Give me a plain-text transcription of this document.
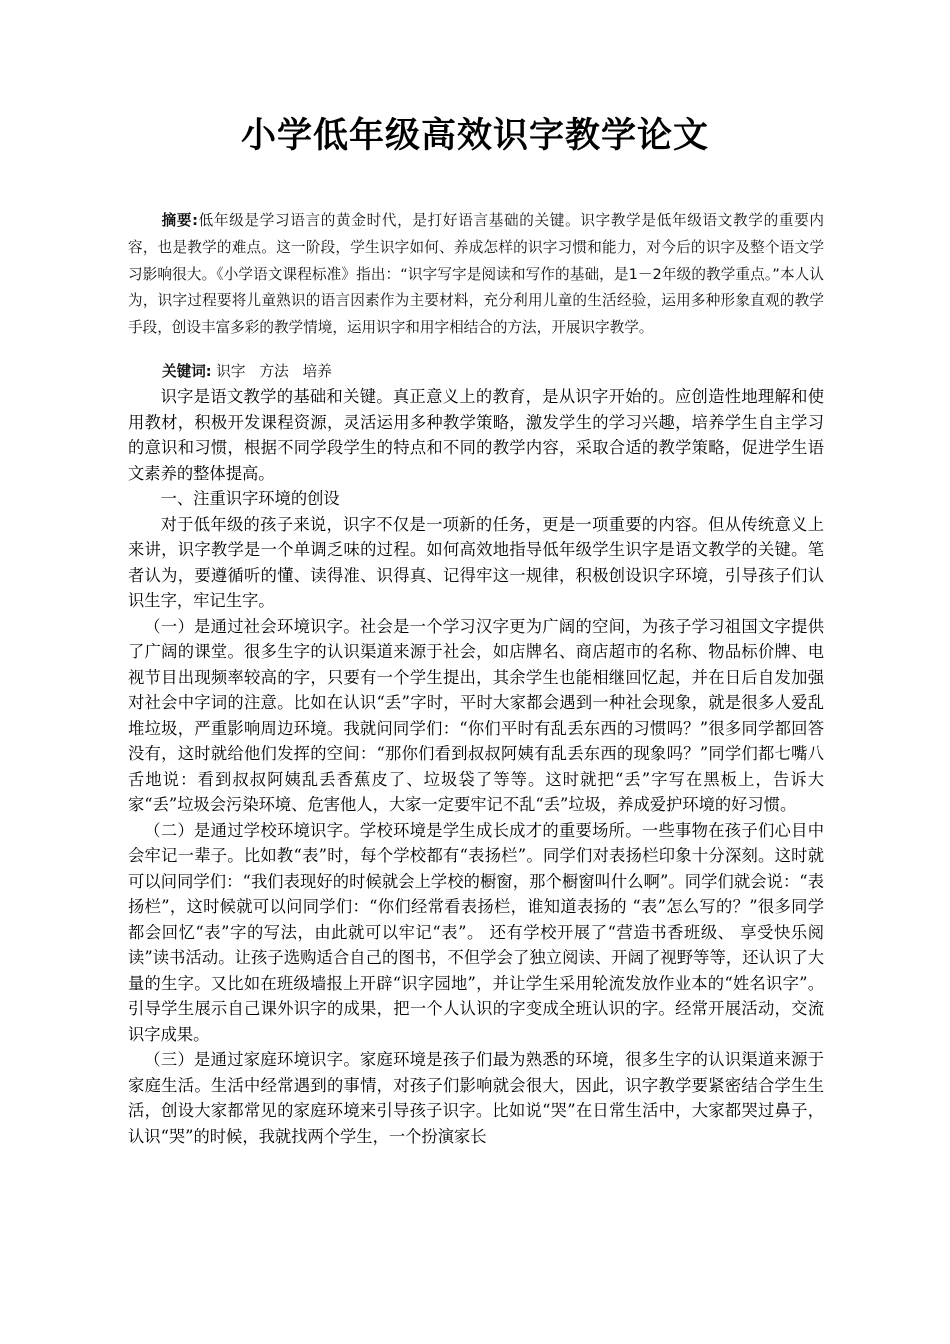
小学低年级高效识字教学论文

摘要:低年级是学习语言的黄金时代，是打好语言基础的关键。识字教学是低年级语文教学的重要内容，也是教学的难点。这一阶段，学生识字如何、养成怎样的识字习惯和能力，对今后的识字及整个语文学习影响很大。《小学语文课程标准》指出：“识字写字是阅读和写作的基础，是1－2年级的教学重点。”本人认为，识字过程要将儿童熟识的语言因素作为主要材料，充分利用儿童的生活经验，运用多种形象直观的教学手段，创设丰富多彩的教学情境，运用识字和用字相结合的方法，开展识字教学。

关键词: 识字 方法 培养

识字是语文教学的基础和关键。真正意义上的教育，是从识字开始的。应创造性地理解和使用教材，积极开发课程资源，灵活运用多种教学策略，激发学生的学习兴趣，培养学生自主学习的意识和习惯，根据不同学段学生的特点和不同的教学内容，采取合适的教学策略，促进学生语文素养的整体提高。

一、注重识字环境的创设

对于低年级的孩子来说，识字不仅是一项新的任务，更是一项重要的内容。但从传统意义上来讲，识字教学是一个单调乏味的过程。如何高效地指导低年级学生识字是语文教学的关键。笔者认为，要遵循听的懂、读得准、识得真、记得牢这一规律，积极创设识字环境，引导孩子们认识生字，牢记生字。

（一）是通过社会环境识字。社会是一个学习汉字更为广阔的空间，为孩子学习祖国文字提供了广阔的课堂。很多生字的认识渠道来源于社会，如店牌名、商店超市的名称、物品标价牌、电视节目出现频率较高的字，只要有一个学生提出，其余学生也能相继回忆起，并在日后自发加强对社会中字词的注意。比如在认识“丢”字时，平时大家都会遇到一种社会现象，就是很多人爱乱堆垃圾，严重影响周边环境。我就问同学们：“你们平时有乱丢东西的习惯吗？”很多同学都回答没有，这时就给他们发挥的空间：“那你们看到叔叔阿姨有乱丢东西的现象吗？”同学们都七嘴八舌地说：看到叔叔阿姨乱丢香蕉皮了、垃圾袋了等等。这时就把“丢”字写在黑板上，告诉大家“丢”垃圾会污染环境、危害他人，大家一定要牢记不乱“丢”垃圾，养成爱护环境的好习惯。

（二）是通过学校环境识字。学校环境是学生成长成才的重要场所。一些事物在孩子们心目中会牢记一辈子。比如教“表”时，每个学校都有“表扬栏”。同学们对表扬栏印象十分深刻。这时就可以问同学们：“我们表现好的时候就会上学校的橱窗，那个橱窗叫什么啊”。同学们就会说：“表扬栏”，这时候就可以问同学们：“你们经常看表扬栏，谁知道表扬的 “表”怎么写的？”很多同学都会回忆“表”字的写法，由此就可以牢记“表”。 还有学校开展了“营造书香班级、 享受快乐阅读”读书活动。让孩子选购适合自己的图书，不但学会了独立阅读、开阔了视野等等，还认识了大量的生字。又比如在班级墙报上开辟“识字园地”，并让学生采用轮流发放作业本的“姓名识字”。引导学生展示自己课外识字的成果，把一个人认识的字变成全班认识的字。经常开展活动，交流识字成果。

（三）是通过家庭环境识字。家庭环境是孩子们最为熟悉的环境，很多生字的认识渠道来源于家庭生活。生活中经常遇到的事情，对孩子们影响就会很大，因此，识字教学要紧密结合学生生活，创设大家都常见的家庭环境来引导孩子识字。比如说“哭”在日常生活中，大家都哭过鼻子，认识“哭”的时候，我就找两个学生，一个扮演家长
